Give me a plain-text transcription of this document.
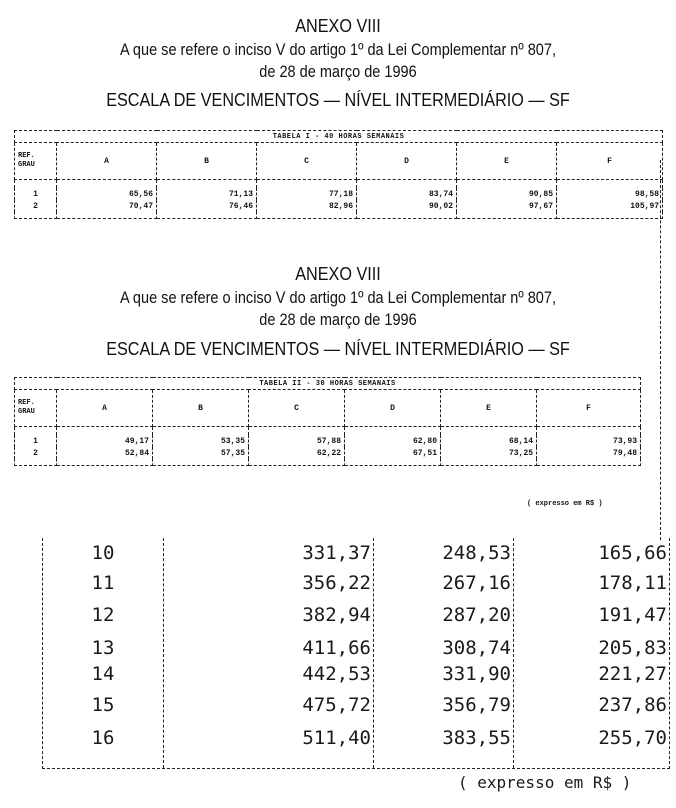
ANEXO VIII
A que se refere o inciso V do artigo 1º da Lei Complementar nº 807,
de 28 de março de 1996
ESCALA DE VENCIMENTOS — NÍVEL INTERMEDIÁRIO — SF
TABELA I - 40 HORAS SEMANAIS						
REF.
GRAU	A	B	C	D	E	F

1	65,56	71,13	77,18	83,74	90,85	98,58
2	70,47	76,46	82,96	90,02	97,67	105,97

ANEXO VIII
A que se refere o inciso V do artigo 1º da Lei Complementar nº 807,
de 28 de março de 1996
ESCALA DE VENCIMENTOS — NÍVEL INTERMEDIÁRIO — SF
TABELA II - 30 HORAS SEMANAIS						
REF.
GRAU	A	B	C	D	E	F

1	49,17	53,35	57,88	62,80	68,14	73,93
2	52,84	57,35	62,22	67,51	73,25	79,48

( expresso em R$ )
10	331,37	248,53	165,66
11	356,22	267,16	178,11
12	382,94	287,20	191,47
13	411,66	308,74	205,83
14	442,53	331,90	221,27
15	475,72	356,79	237,86
16	511,40	383,55	255,70
( expresso em R$ )
